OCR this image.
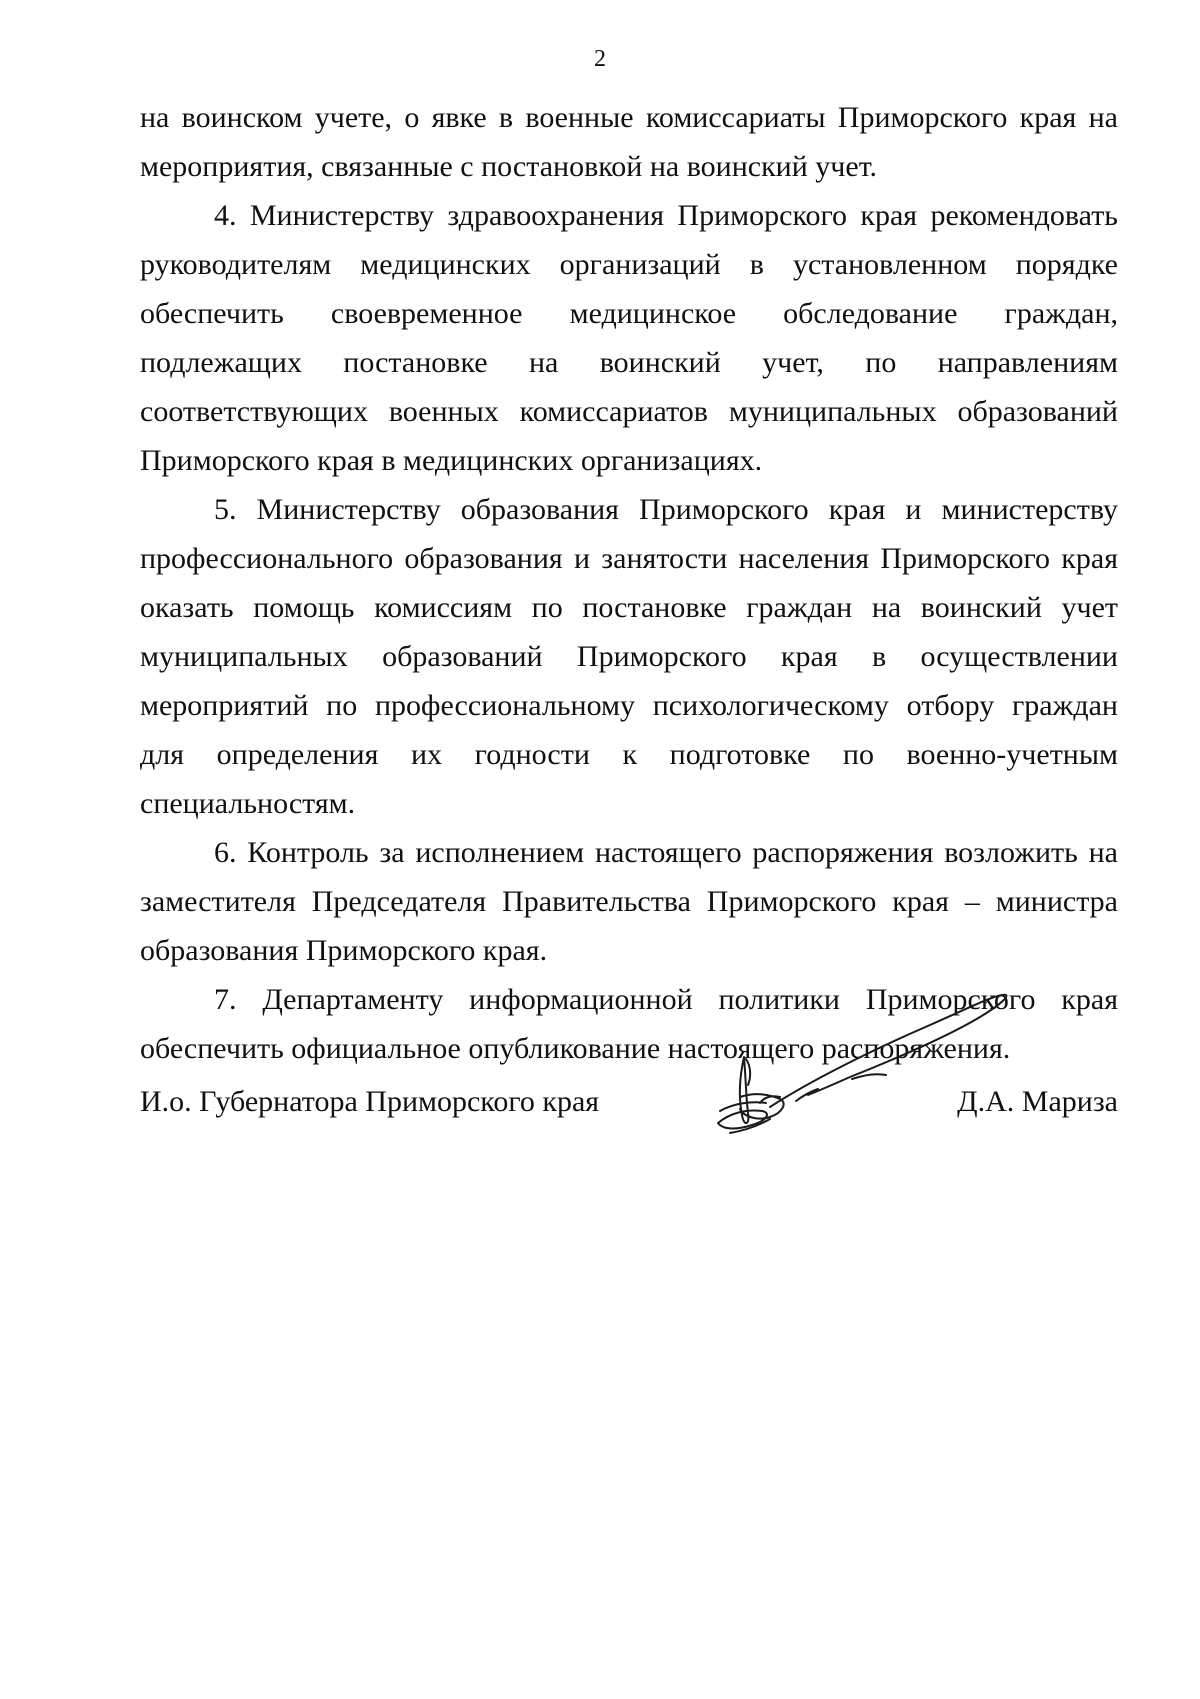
2

на воинском учете, о явке в военные комиссариаты Приморского края на мероприятия, связанные с постановкой на воинский учет.

4. Министерству здравоохранения Приморского края рекомендовать руководителям медицинских организаций в установленном порядке обеспечить своевременное медицинское обследование граждан, подлежащих постановке на воинский учет, по направлениям соответствующих военных комиссариатов муниципальных образований Приморского края в медицинских организациях.

5. Министерству образования Приморского края и министерству профессионального образования и занятости населения Приморского края оказать помощь комиссиям по постановке граждан на воинский учет муниципальных образований Приморского края в осуществлении мероприятий по профессиональному психологическому отбору граждан для определения их годности к подготовке по военно-учетным специальностям.

6. Контроль за исполнением настоящего распоряжения возложить на заместителя Председателя Правительства Приморского края – министра образования Приморского края.

7. Департаменту информационной политики Приморского края обеспечить официальное опубликование настоящего распоряжения.

И.о. Губернатора Приморского края	Д.А. Мариза
